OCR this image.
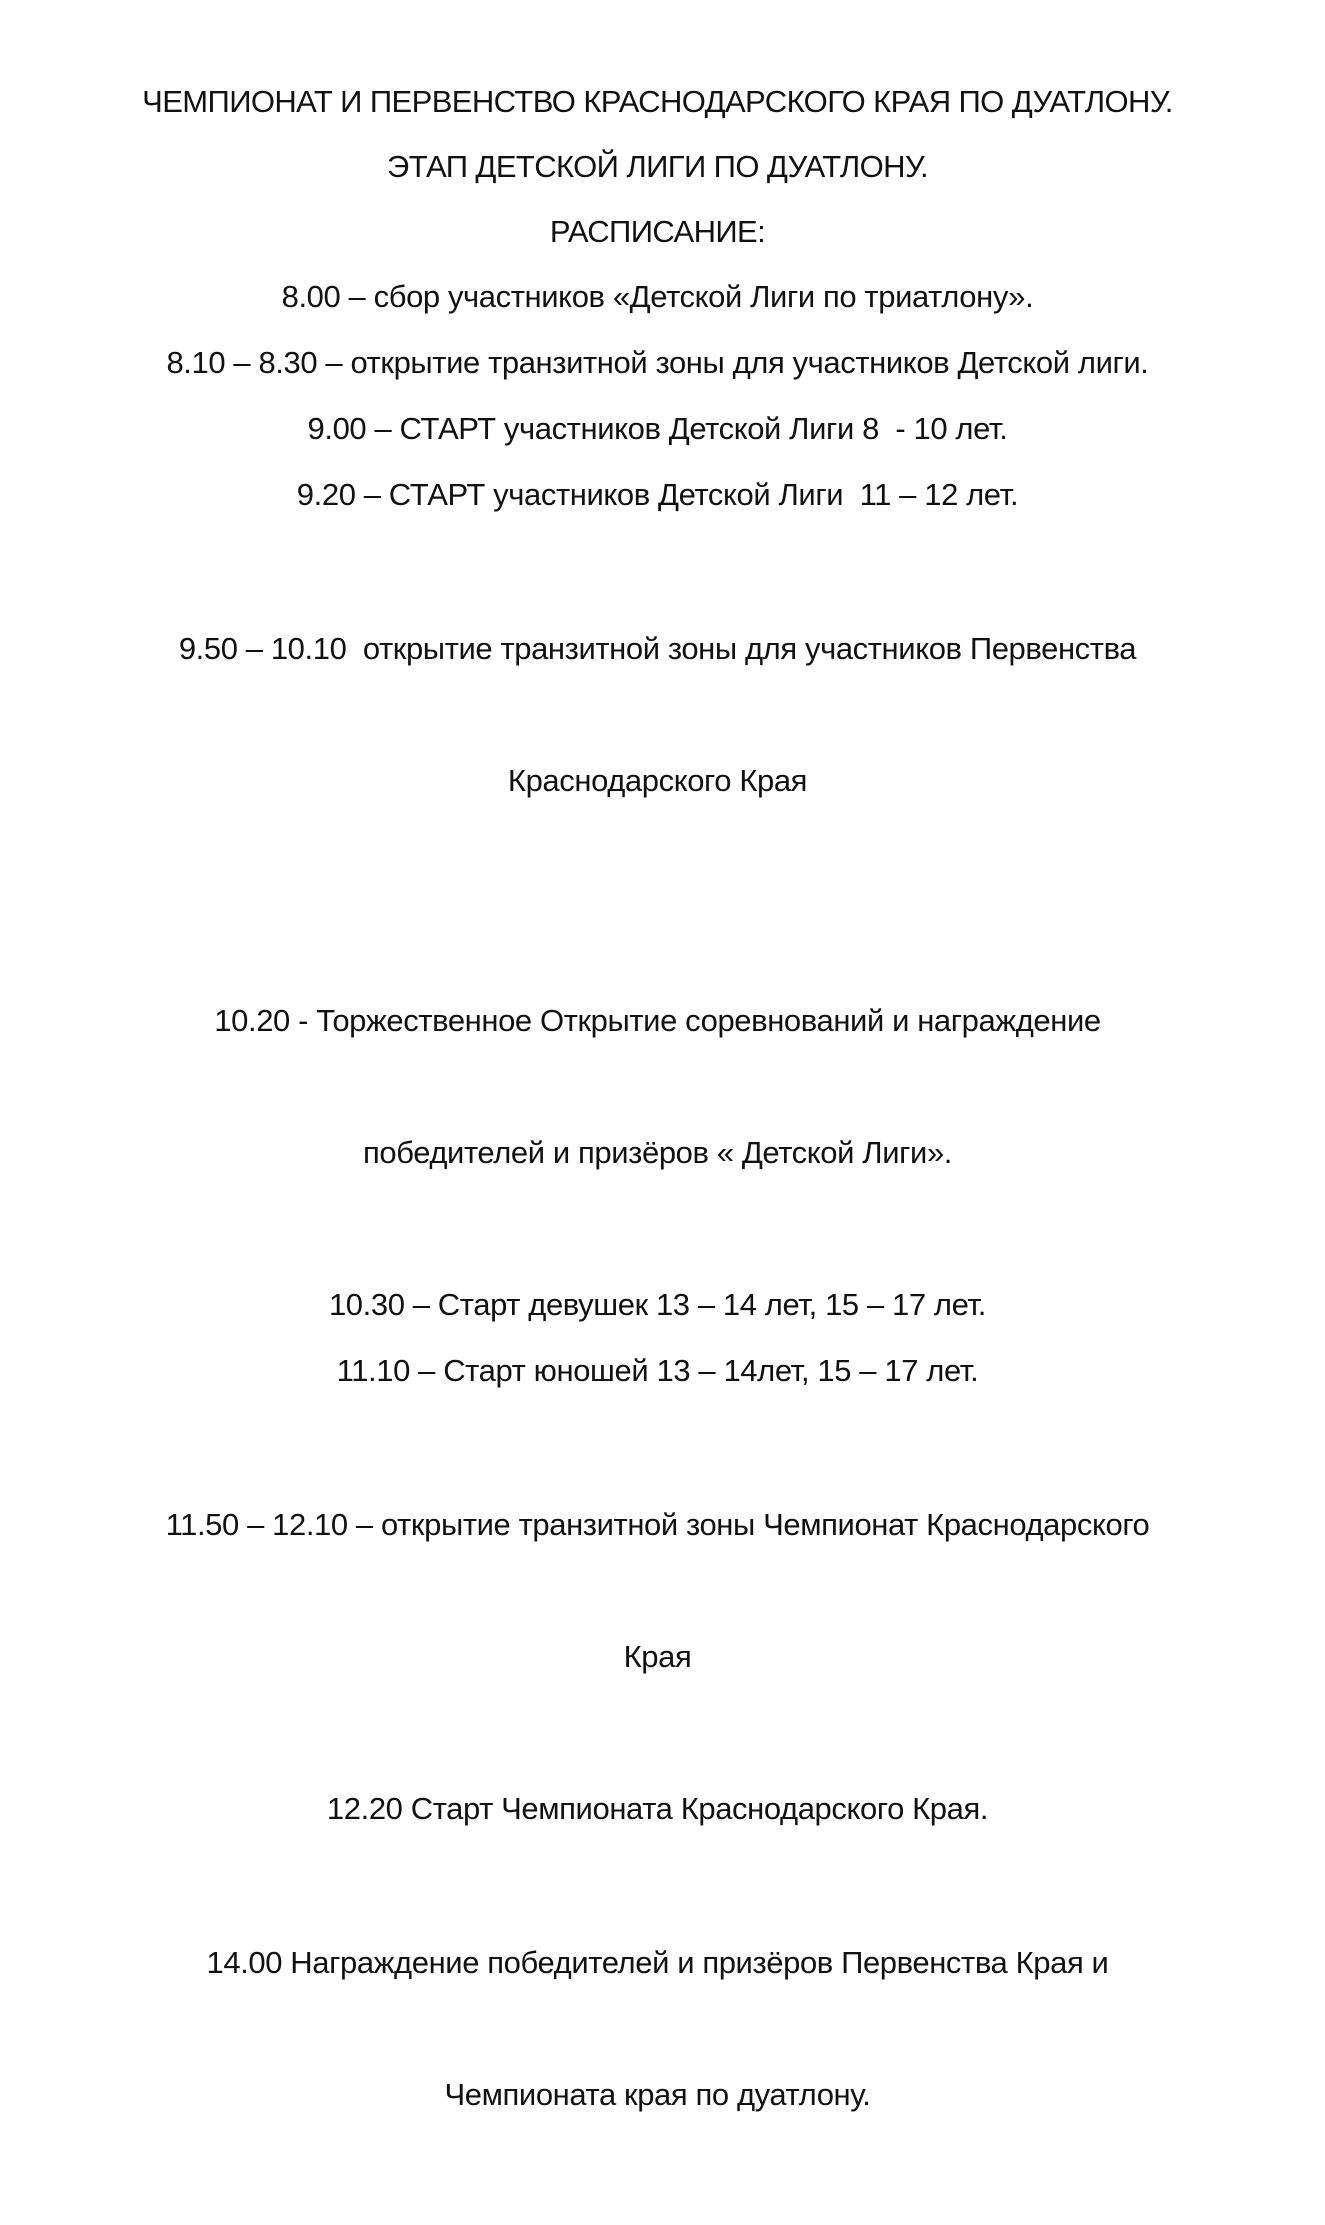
ЧЕМПИОНАТ И ПЕРВЕНСТВО КРАСНОДАРСКОГО КРАЯ ПО ДУАТЛОНУ.
ЭТАП ДЕТСКОЙ ЛИГИ ПО ДУАТЛОНУ.
РАСПИСАНИЕ:
8.00 – сбор участников «Детской Лиги по триатлону».
8.10 – 8.30 – открытие транзитной зоны для участников Детской лиги.
9.00 – СТАРТ участников Детской Лиги 8  - 10 лет.
9.20 – СТАРТ участников Детской Лиги  11 – 12 лет.

9.50 – 10.10  открытие транзитной зоны для участников Первенства

Краснодарского Края

10.20 - Торжественное Открытие соревнований и награждение

победителей и призёров « Детской Лиги».

10.30 – Старт девушек 13 – 14 лет, 15 – 17 лет.
11.10 – Старт юношей 13 – 14лет, 15 – 17 лет.

11.50 – 12.10 – открытие транзитной зоны Чемпионат Краснодарского

Края

12.20 Старт Чемпионата Краснодарского Края.

14.00 Награждение победителей и призёров Первенства Края и

Чемпионата края по дуатлону.
